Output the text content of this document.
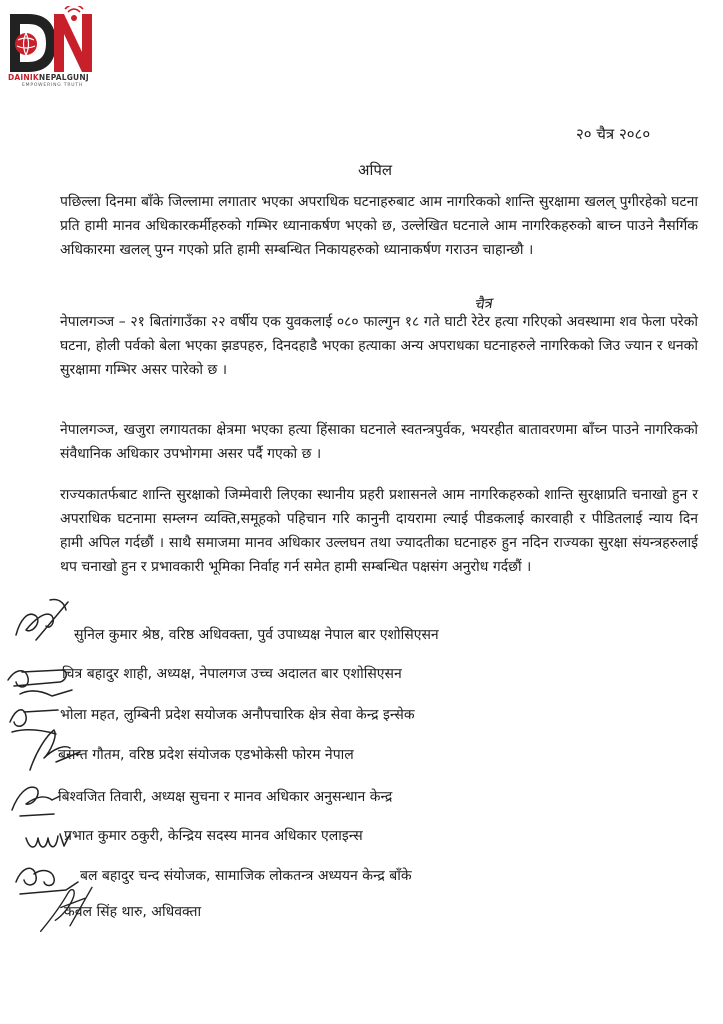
DAINIKNEPALGUNJ
EMPOWERING TRUTH
२० चैत्र २०८०
अपिल

पछिल्ला दिनमा बाँके जिल्लामा लगातार भएका अपराधिक घटनाहरुबाट आम नागरिकको शान्ति सुरक्षामा खलल् पुगीरहेको घटना प्रति हामी मानव अधिकारकर्मीहरुको गम्भिर ध्यानाकर्षण भएको छ, उल्लेखित घटनाले आम नागरिकहरुको बाच्न पाउने नैसर्गिक अधिकारमा खलल् पुग्न गएको प्रति हामी सम्बन्धित निकायहरुको ध्यानाकर्षण गराउन चाहान्छौ ।

चैत्र

नेपालगञ्ज – २१ बितांगाउँका २२ वर्षीय एक युवकलाई ०८० फाल्गुन १८ गते घाटी रेटेर हत्या गरिएको अवस्थामा शव फेला परेको घटना, होली पर्वको बेला भएका झडपहरु, दिनदहाडै भएका हत्याका अन्य अपराधका घटनाहरुले नागरिकको जिउ ज्यान र धनको सुरक्षामा गम्भिर असर पारेको छ ।

नेपालगञ्ज, खजुरा लगायतका क्षेत्रमा भएका हत्या हिंसाका घटनाले स्वतन्त्रपुर्वक, भयरहीत बातावरणमा बाँच्न पाउने नागरिकको संवैधानिक अधिकार उपभोगमा असर पर्दै गएको छ ।

राज्यकातर्फबाट शान्ति सुरक्षाको जिम्मेवारी लिएका स्थानीय प्रहरी प्रशासनले आम नागरिकहरुको शान्ति सुरक्षाप्रति चनाखो हुन र अपराधिक घटनामा सम्लग्न व्यक्ति,समूहको पहिचान गरि कानुनी दायरामा ल्याई पीडकलाई कारवाही र पीडितलाई न्याय दिन हामी अपिल गर्दछौं । साथै समाजमा मानव अधिकार उल्लघन तथा ज्यादतीका घटनाहरु हुन नदिन राज्यका सुरक्षा संयन्त्रहरुलाई थप चनाखो हुन र प्रभावकारी भूमिका निर्वाह गर्न समेत हामी सम्बन्धित पक्षसंग अनुरोध गर्दछौं ।

सुनिल कुमार श्रेष्ठ, वरिष्ठ अधिवक्ता, पुर्व उपाध्यक्ष नेपाल बार एशोसिएसन
चित्र बहादुर शाही, अध्यक्ष, नेपालगज उच्च अदालत बार एशोसिएसन
भोला महत, लुम्बिनी प्रदेश सयोजक अनौपचारिक क्षेत्र सेवा केन्द्र इन्सेक
बसन्त गौतम, वरिष्ठ प्रदेश संयोजक एडभोकेसी फोरम नेपाल
बिश्वजित तिवारी, अध्यक्ष सुचना र मानव अधिकार अनुसन्धान केन्द्र
प्रभात कुमार ठकुरी, केन्द्रिय सदस्य मानव अधिकार एलाइन्स
बल बहादुर चन्द संयोजक, सामाजिक लोकतन्त्र अध्ययन केन्द्र बाँके
कवल सिंह थारु, अधिवक्ता
